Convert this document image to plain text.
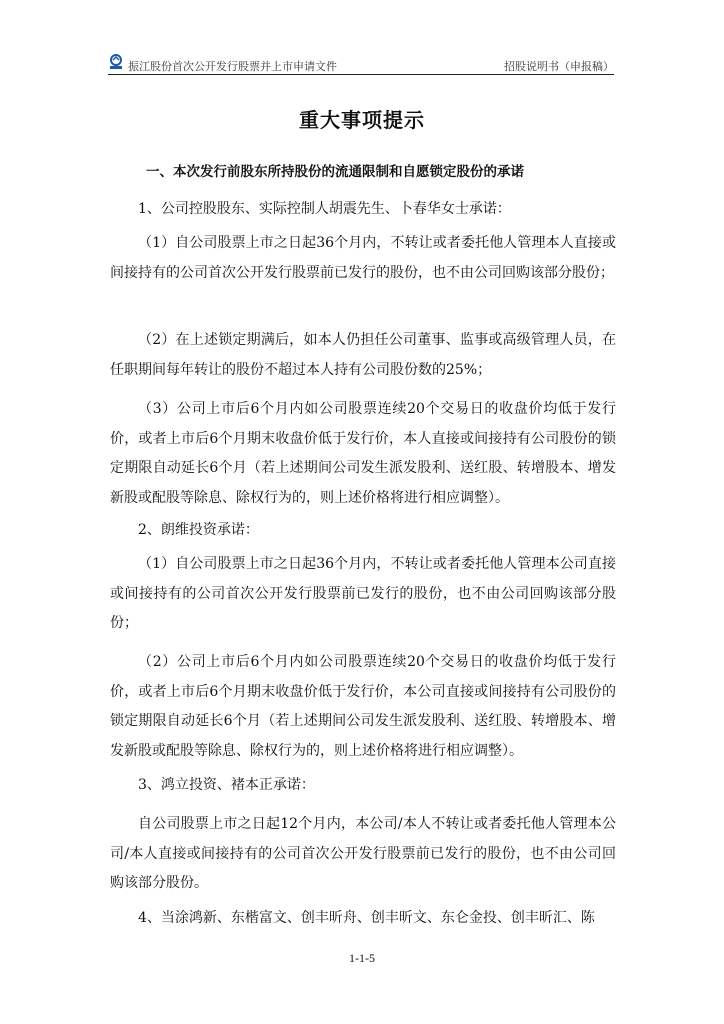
振江股份首次公开发行股票并上市申请文件	招股说明书（申报稿）
重大事项提示
一、本次发行前股东所持股份的流通限制和自愿锁定股份的承诺
1、公司控股股东、实际控制人胡震先生、卜春华女士承诺：
（1）自公司股票上市之日起36个月内，不转让或者委托他人管理本人直接或间接持有的公司首次公开发行股票前已发行的股份，也不由公司回购该部分股份；
（2）在上述锁定期满后，如本人仍担任公司董事、监事或高级管理人员，在任职期间每年转让的股份不超过本人持有公司股份数的25%；
（3）公司上市后6个月内如公司股票连续20个交易日的收盘价均低于发行价，或者上市后6个月期末收盘价低于发行价，本人直接或间接持有公司股份的锁定期限自动延长6个月（若上述期间公司发生派发股利、送红股、转增股本、增发新股或配股等除息、除权行为的，则上述价格将进行相应调整）。
2、朗维投资承诺：
（1）自公司股票上市之日起36个月内，不转让或者委托他人管理本公司直接或间接持有的公司首次公开发行股票前已发行的股份，也不由公司回购该部分股份；
（2）公司上市后6个月内如公司股票连续20个交易日的收盘价均低于发行价，或者上市后6个月期末收盘价低于发行价，本公司直接或间接持有公司股份的锁定期限自动延长6个月（若上述期间公司发生派发股利、送红股、转增股本、增发新股或配股等除息、除权行为的，则上述价格将进行相应调整）。
3、鸿立投资、褚本正承诺：
自公司股票上市之日起12个月内，本公司/本人不转让或者委托他人管理本公司/本人直接或间接持有的公司首次公开发行股票前已发行的股份，也不由公司回购该部分股份。
4、当涂鸿新、东楷富文、创丰昕舟、创丰昕文、东仑金投、创丰昕汇、陈
1-1-5
